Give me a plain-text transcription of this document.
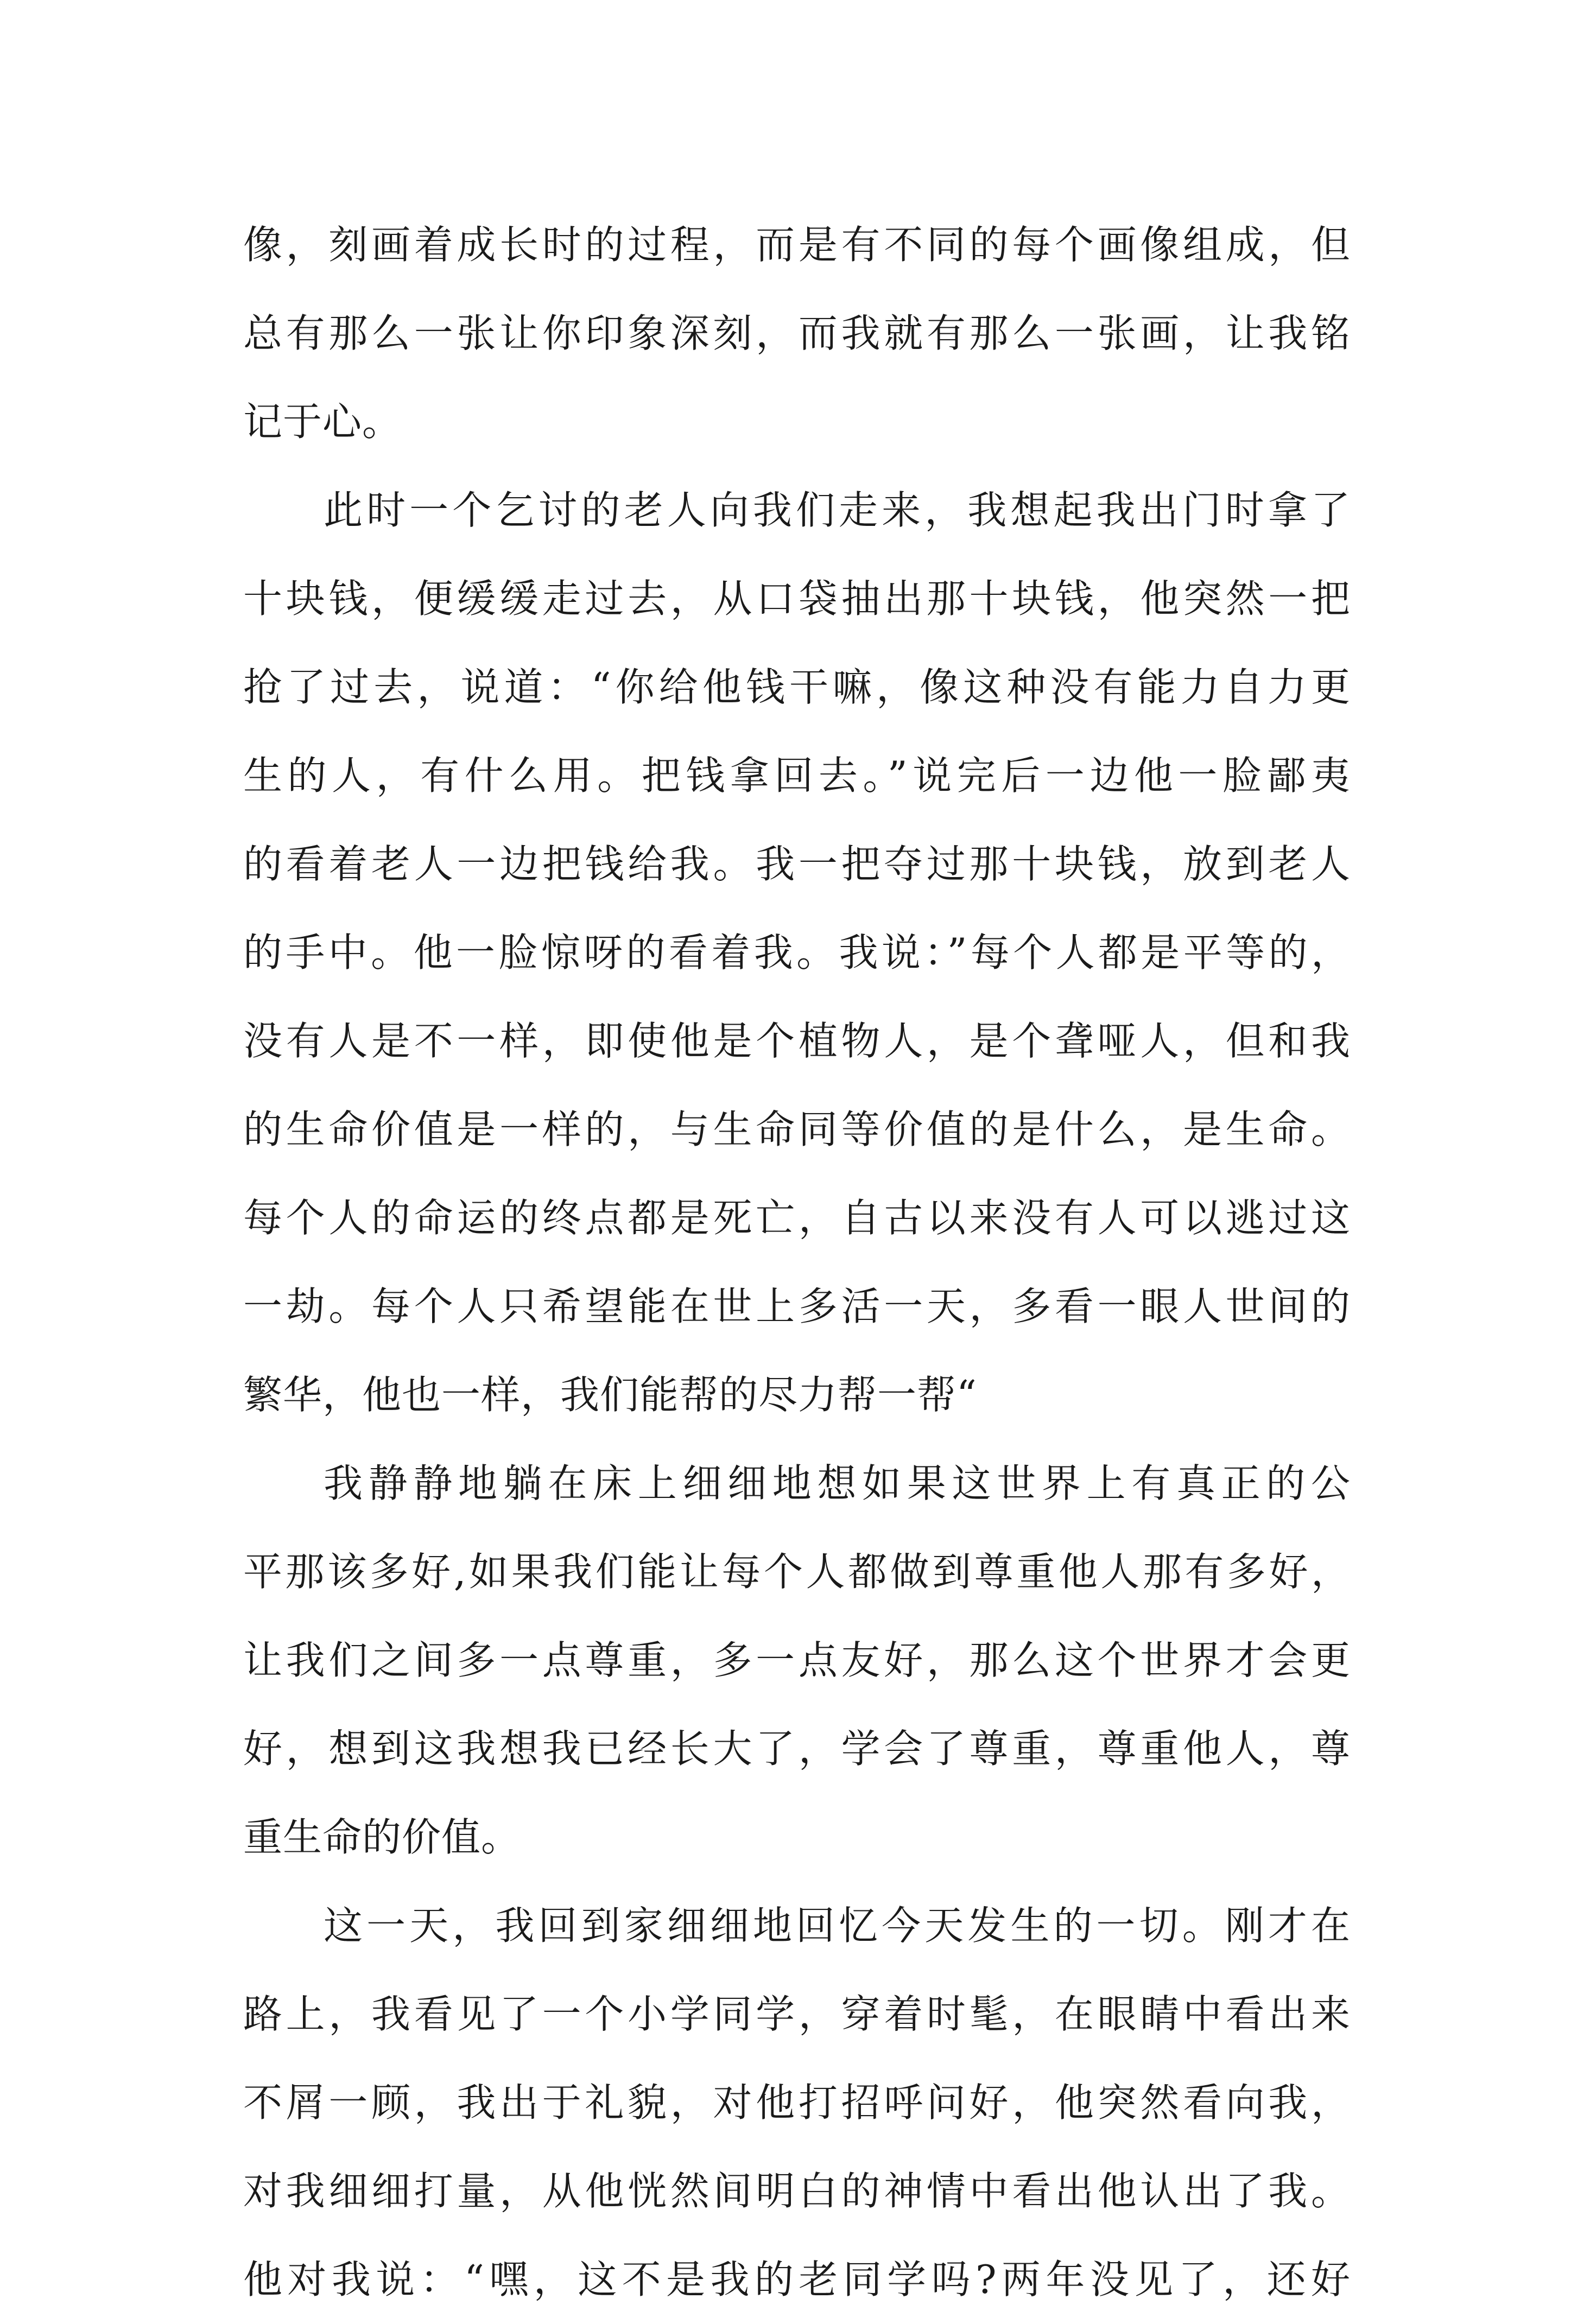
像，刻画着成长时的过程，而是有不同的每个画像组成，但
总有那么一张让你印象深刻，而我就有那么一张画，让我铭
记于心。
此时一个乞讨的老人向我们走来，我想起我出门时拿了
十块钱，便缓缓走过去，从口袋抽出那十块钱，他突然一把
抢了过去，说道：“你给他钱干嘛，像这种没有能力自力更
生的人，有什么用。把钱拿回去。”说完后一边他一脸鄙夷
的看着老人一边把钱给我。我一把夺过那十块钱，放到老人
的手中。他一脸惊呀的看着我。我说：”每个人都是平等的，
没有人是不一样，即使他是个植物人，是个聋哑人，但和我
的生命价值是一样的，与生命同等价值的是什么，是生命。
每个人的命运的终点都是死亡，自古以来没有人可以逃过这
一劫。每个人只希望能在世上多活一天，多看一眼人世间的
繁华，他也一样，我们能帮的尽力帮一帮“
我静静地躺在床上细细地想如果这世界上有真正的公
平那该多好,如果我们能让每个人都做到尊重他人那有多好，
让我们之间多一点尊重，多一点友好，那么这个世界才会更
好，想到这我想我已经长大了，学会了尊重，尊重他人，尊
重生命的价值。
这一天，我回到家细细地回忆今天发生的一切。刚才在
路上，我看见了一个小学同学，穿着时髦，在眼睛中看出来
不屑一顾，我出于礼貌，对他打招呼问好，他突然看向我，
对我细细打量，从他恍然间明白的神情中看出他认出了我。
他对我说：“嘿，这不是我的老同学吗?两年没见了，还好
